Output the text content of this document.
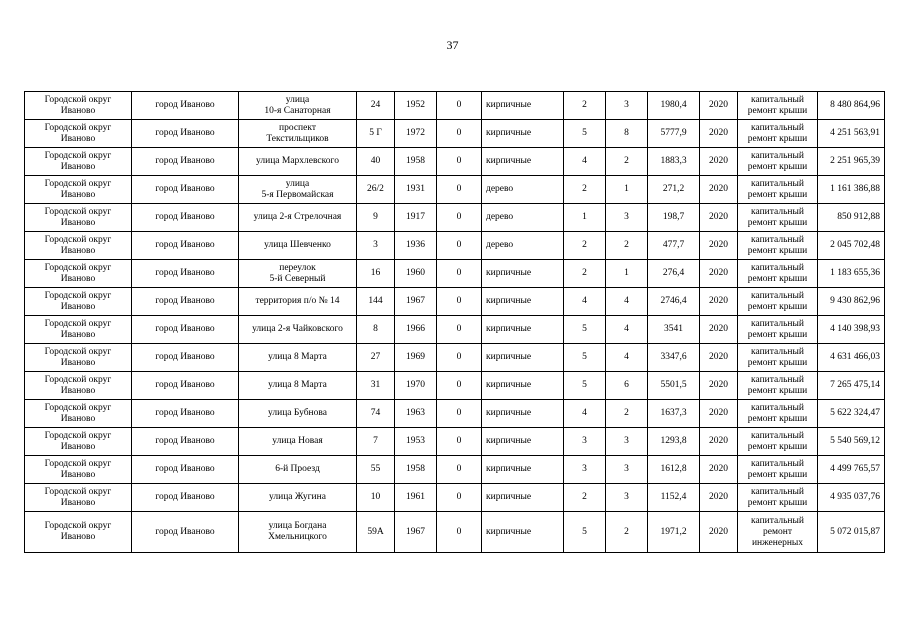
37
Городской округ
Иваново	город Иваново	улица
10-я Санаторная	24	1952	0	кирпичные	2	3	1980,4	2020	капитальный
ремонт крыши	8 480 864,96

Городской округ
Иваново	город Иваново	проспект
Текстильщиков	5 Г	1972	0	кирпичные	5	8	5777,9	2020	капитальный
ремонт крыши	4 251 563,91

Городской округ
Иваново	город Иваново	улица Мархлевского	40	1958	0	кирпичные	4	2	1883,3	2020	капитальный
ремонт крыши	2 251 965,39

Городской округ
Иваново	город Иваново	улица
5-я Первомайская	26/2	1931	0	дерево	2	1	271,2	2020	капитальный
ремонт крыши	1 161 386,88

Городской округ
Иваново	город Иваново	улица 2-я Стрелочная	9	1917	0	дерево	1	3	198,7	2020	капитальный
ремонт крыши	850 912,88

Городской округ
Иваново	город Иваново	улица Шевченко	3	1936	0	дерево	2	2	477,7	2020	капитальный
ремонт крыши	2 045 702,48

Городской округ
Иваново	город Иваново	переулок
5-й Северный	16	1960	0	кирпичные	2	1	276,4	2020	капитальный
ремонт крыши	1 183 655,36

Городской округ
Иваново	город Иваново	территория п/о № 14	144	1967	0	кирпичные	4	4	2746,4	2020	капитальный
ремонт крыши	9 430 862,96

Городской округ
Иваново	город Иваново	улица 2-я Чайковского	8	1966	0	кирпичные	5	4	3541	2020	капитальный
ремонт крыши	4 140 398,93

Городской округ
Иваново	город Иваново	улица 8 Марта	27	1969	0	кирпичные	5	4	3347,6	2020	капитальный
ремонт крыши	4 631 466,03

Городской округ
Иваново	город Иваново	улица 8 Марта	31	1970	0	кирпичные	5	6	5501,5	2020	капитальный
ремонт крыши	7 265 475,14

Городской округ
Иваново	город Иваново	улица Бубнова	74	1963	0	кирпичные	4	2	1637,3	2020	капитальный
ремонт крыши	5 622 324,47

Городской округ
Иваново	город Иваново	улица Новая	7	1953	0	кирпичные	3	3	1293,8	2020	капитальный
ремонт крыши	5 540 569,12

Городской округ
Иваново	город Иваново	6-й Проезд	55	1958	0	кирпичные	3	3	1612,8	2020	капитальный
ремонт крыши	4 499 765,57

Городской округ
Иваново	город Иваново	улица Жугина	10	1961	0	кирпичные	2	3	1152,4	2020	капитальный
ремонт крыши	4 935 037,76

Городской округ
Иваново	город Иваново	улица Богдана
Хмельницкого	59А	1967	0	кирпичные	5	2	1971,2	2020	капитальный
ремонт
инженерных	5 072 015,87
